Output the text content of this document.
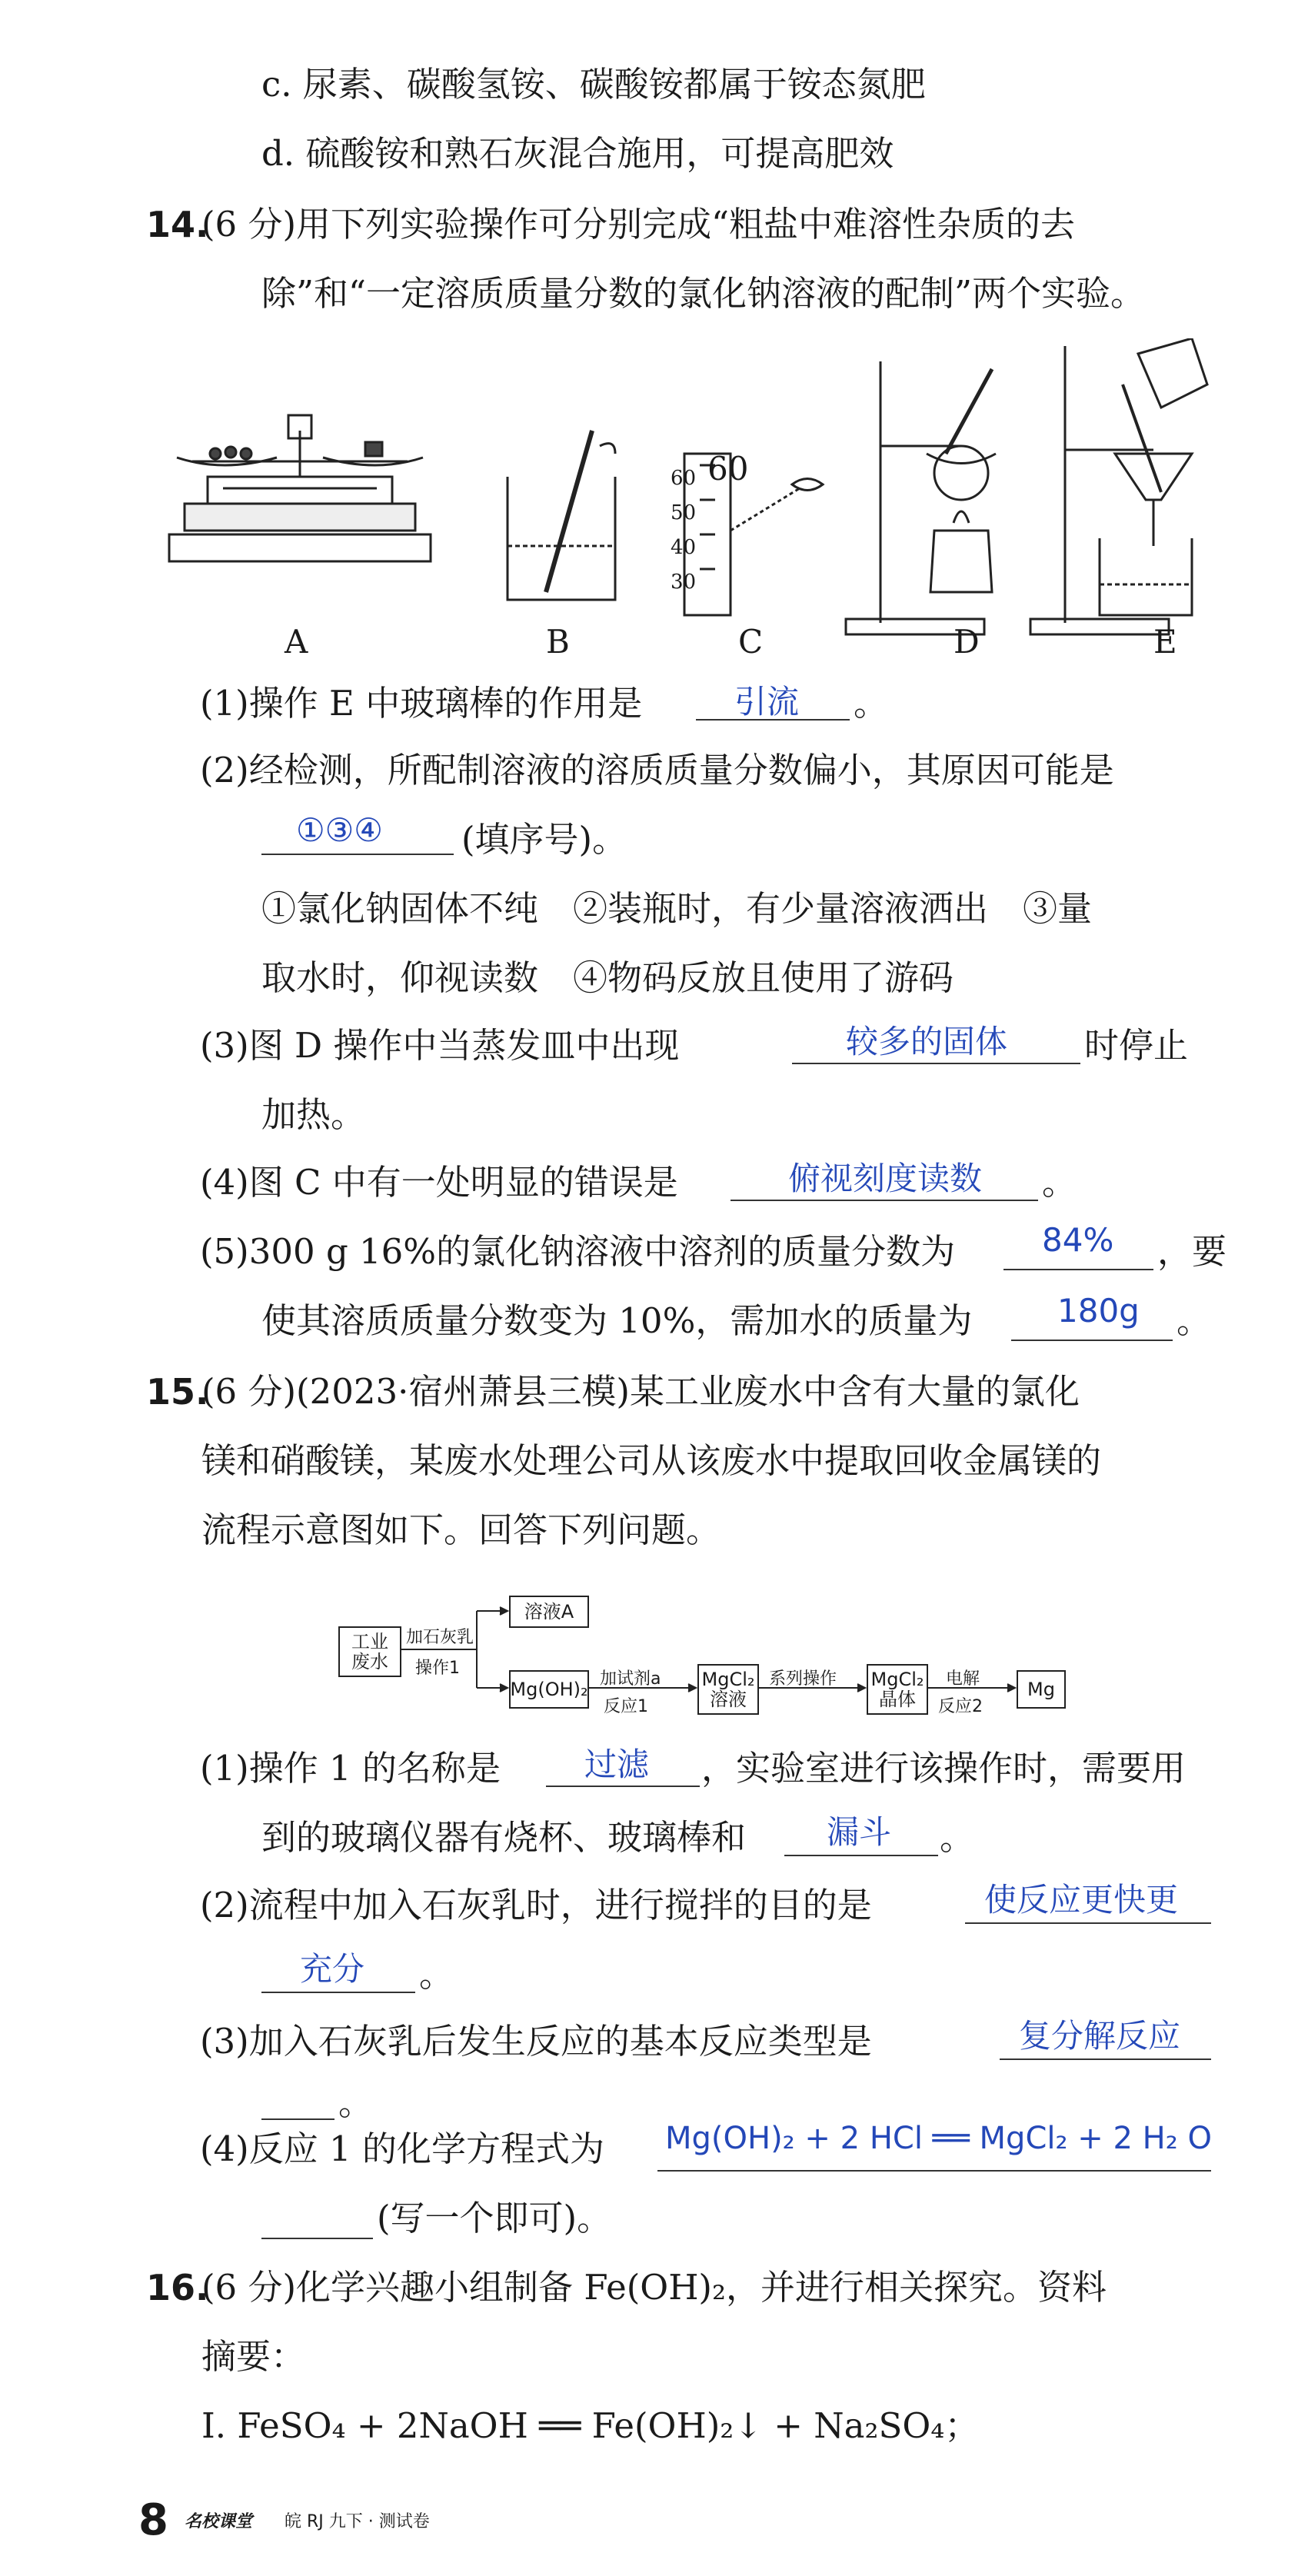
c. 尿素、碳酸氢铵、碳酸铵都属于铵态氮肥
d. 硫酸铵和熟石灰混合施用，可提高肥效
14.
(6 分)用下列实验操作可分别完成“粗盐中难溶性杂质的去
除”和“一定溶质质量分数的氯化钠溶液的配制”两个实验。
60
A	B	C	D	E
60
50
40
30
(1)操作 E 中玻璃棒的作用是	引流 。
(2)经检测，所配制溶液的溶质质量分数偏小，其原因可能是
①③④ (填序号)。
①氯化钠固体不纯　②装瓶时，有少量溶液洒出　③量
取水时，仰视读数　④物码反放且使用了游码
(3)图 D 操作中当蒸发皿中出现	较多的固体 时停止
加热。
(4)图 C 中有一处明显的错误是	俯视刻度读数 。
(5)300 g 16%的氯化钠溶液中溶剂的质量分数为	84% ，要
使其溶质质量分数变为 10%，需加水的质量为	180g 。
15.
(6 分)(2023·宿州萧县三模)某工业废水中含有大量的氯化
镁和硝酸镁，某废水处理公司从该废水中提取回收金属镁的
流程示意图如下。回答下列问题。
工业
废水
加石灰乳
操作1
溶液A
Mg(OH)₂ 加试剂a
反应1
MgCl₂
溶液
系列操作 MgCl₂
晶体
电解
反应2
Mg
(1)操作 1 的名称是	过滤 ，实验室进行该操作时，需要用
到的玻璃仪器有烧杯、玻璃棒和 漏斗 。
(2)流程中加入石灰乳时，进行搅拌的目的是	使反应更快更
充分 。
(3)加入石灰乳后发生反应的基本反应类型是	复分解反应
。
(4)反应 1 的化学方程式为 Mg(OH)₂ + 2 HCl ══ MgCl₂ + 2 H₂ O
(写一个即可)。
16.
(6 分)化学兴趣小组制备 Fe(OH)₂，并进行相关探究。资料
摘要：
Ⅰ. FeSO₄ + 2NaOH ══ Fe(OH)₂↓ + Na₂SO₄；
8 名校课堂 皖 RJ 九下 · 测试卷
